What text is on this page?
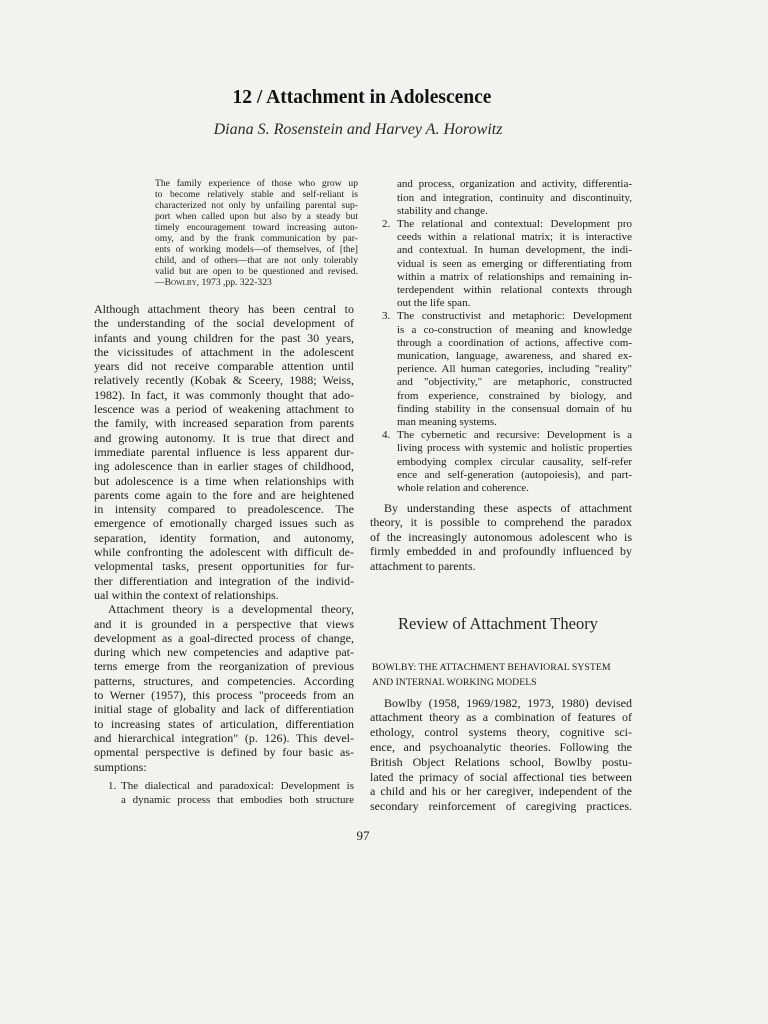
12 / Attachment in Adolescence
Diana S. Rosenstein and Harvey A. Horowitz
The family experience of those who grow up
to become relatively stable and self-reliant is
characterized not only by unfailing parental sup-
port when called upon but also by a steady but
timely encouragement toward increasing auton-
omy, and by the frank communication by par-
ents of working models—of themselves, of [the]
child, and of others—that are not only tolerably
valid but are open to be questioned and revised.
—Bowlby, 1973 ,pp. 322-323
Although attachment theory has been central to
the understanding of the social development of
infants and young children for the past 30 years,
the vicissitudes of attachment in the adolescent
years did not receive comparable attention until
relatively recently (Kobak & Sceery, 1988; Weiss,
1982). In fact, it was commonly thought that ado-
lescence was a period of weakening attachment to
the family, with increased separation from parents
and growing autonomy. It is true that direct and
immediate parental influence is less apparent dur-
ing adolescence than in earlier stages of childhood,
but adolescence is a time when relationships with
parents come again to the fore and are heightened
in intensity compared to preadolescence. The
emergence of emotionally charged issues such as
separation, identity formation, and autonomy,
while confronting the adolescent with difficult de-
velopmental tasks, present opportunities for fur-
ther differentiation and integration of the individ-
ual within the context of relationships.
Attachment theory is a developmental theory,
and it is grounded in a perspective that views
development as a goal-directed process of change,
during which new competencies and adaptive pat-
terns emerge from the reorganization of previous
patterns, structures, and competencies. According
to Werner (1957), this process "proceeds from an
initial stage of globality and lack of differentiation
to increasing states of articulation, differentiation
and hierarchical integration" (p. 126). This devel-
opmental perspective is defined by four basic as-
sumptions:
1. The dialectical and paradoxical: Development is
a dynamic process that embodies both structure
and process, organization and activity, differentia-
tion and integration, continuity and discontinuity,
stability and change.
2. The relational and contextual: Development pro
ceeds within a relational matrix; it is interactive
and contextual. In human development, the indi-
vidual is seen as emerging or differentiating from
within a matrix of relationships and remaining in-
terdependent within relational contexts through
out the life span.
3. The constructivist and metaphoric: Development
is a co-construction of meaning and knowledge
through a coordination of actions, affective com-
munication, language, awareness, and shared ex-
perience. All human categories, including "reality"
and "objectivity," are metaphoric, constructed
from experience, constrained by biology, and
finding stability in the consensual domain of hu
man meaning systems.
4. The cybernetic and recursive: Development is a
living process with systemic and holistic properties
embodying complex circular causality, self-refer
ence and self-generation (autopoiesis), and part-
whole relation and coherence.
By understanding these aspects of attachment
theory, it is possible to comprehend the paradox
of the increasingly autonomous adolescent who is
firmly embedded in and profoundly influenced by
attachment to parents.
Review of Attachment Theory
BOWLBY: THE ATTACHMENT BEHAVIORAL SYSTEM
AND INTERNAL WORKING MODELS
Bowlby (1958, 1969/1982, 1973, 1980) devised
attachment theory as a combination of features of
ethology, control systems theory, cognitive sci-
ence, and psychoanalytic theories. Following the
British Object Relations school, Bowlby postu-
lated the primacy of social affectional ties between
a child and his or her caregiver, independent of the
secondary reinforcement of caregiving practices.
97
